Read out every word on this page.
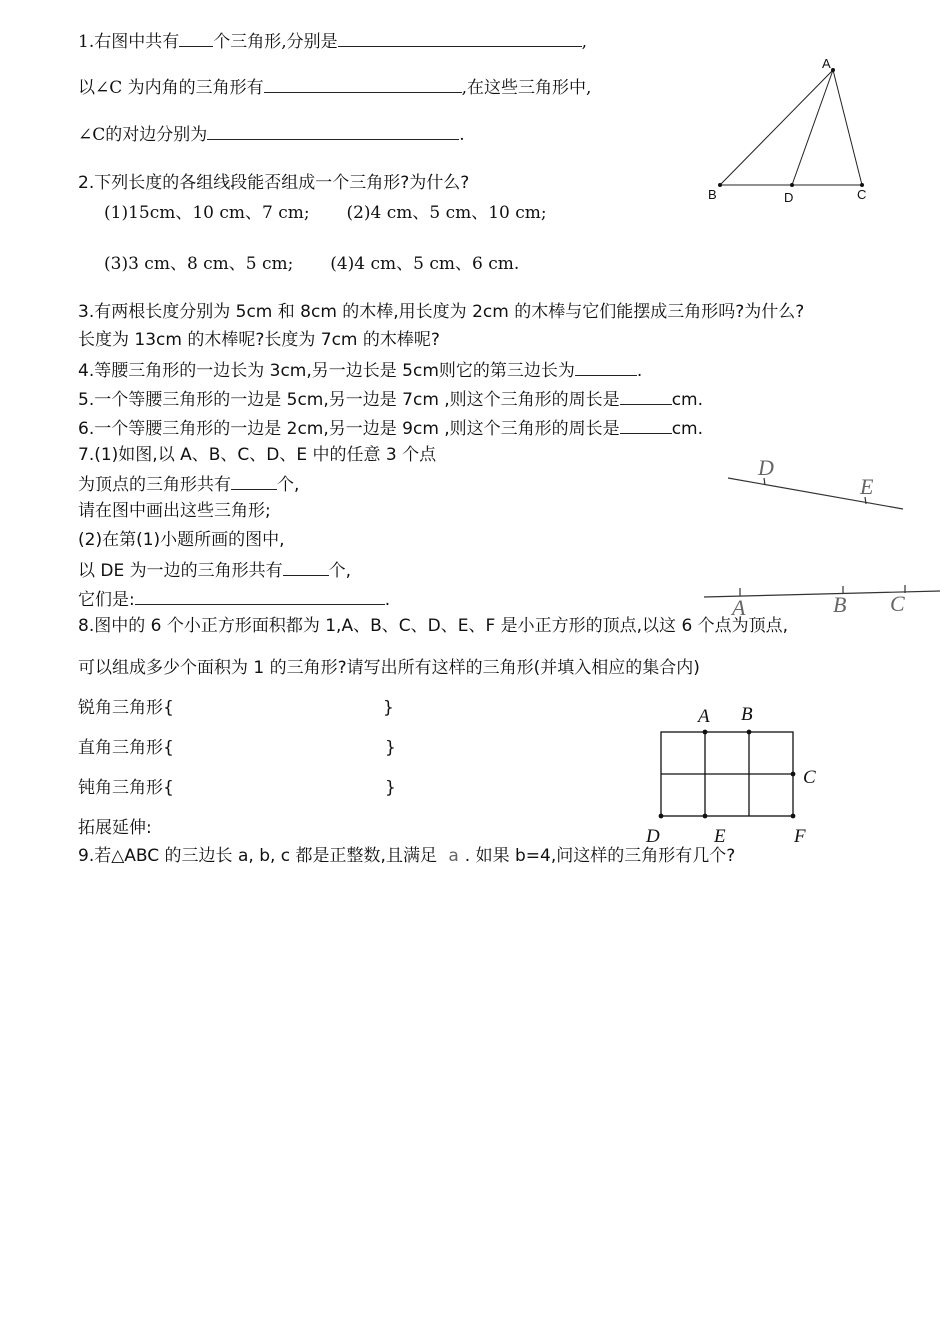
1.右图中共有 个三角形,分别是	,
以∠C 为内角的三角形有	,在这些三角形中,
∠C的对边分别为	.
A
B	D	C
2.下列长度的各组线段能否组成一个三角形?为什么?
(1)15cm、10 cm、7 cm; (2)4 cm、5 cm、10 cm;
(3)3 cm、8 cm、5 cm; (4)4 cm、5 cm、6 cm.
3.有两根长度分别为 5cm 和 8cm 的木棒,用长度为 2cm 的木棒与它们能摆成三角形吗?为什么?
长度为 13cm 的木棒呢?长度为 7cm 的木棒呢?
4.等腰三角形的一边长为 3cm,另一边长是 5cm则它的第三边长为	.
5.一个等腰三角形的一边是 5cm,另一边是 7cm ,则这个三角形的周长是	cm.
6.一个等腰三角形的一边是 2cm,另一边是 9cm ,则这个三角形的周长是	cm.
7.(1)如图,以 A、B、C、D、E 中的任意 3 个点
为顶点的三角形共有	个,
请在图中画出这些三角形;
(2)在第(1)小题所画的图中,
以 DE 为一边的三角形共有	个,
它们是:	.
D
E
A	B C
8.图中的 6 个小正方形面积都为 1,A、B、C、D、E、F 是小正方形的顶点,以这 6 个点为顶点,
可以组成多少个面积为 1 的三角形?请写出所有这样的三角形(并填入相应的集合内)
锐角三角形{	}
直角三角形{	}
钝角三角形{	}
A B
C
D	E	F
拓展延伸:
9.若△ABC 的三边长 a, b, c 都是正整数,且满足 a . 如果 b=4,问这样的三角形有几个?
